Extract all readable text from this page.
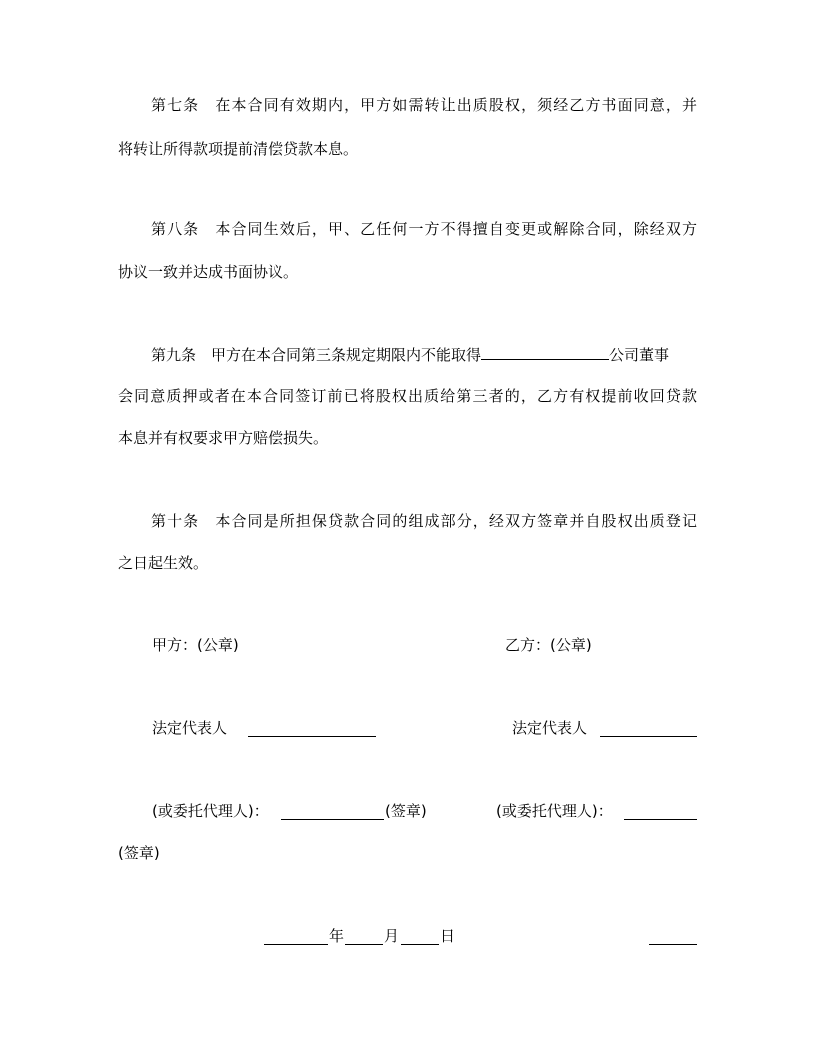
第七条　在本合同有效期内，甲方如需转让出质股权，须经乙方书面同意，并
将转让所得款项提前清偿贷款本息。
第八条　本合同生效后，甲、乙任何一方不得擅自变更或解除合同，除经双方
协议一致并达成书面协议。
第九条　甲方在本合同第三条规定期限内不能取得	公司董事
会同意质押或者在本合同签订前已将股权出质给第三者的，乙方有权提前收回贷款
本息并有权要求甲方赔偿损失。
第十条　本合同是所担保贷款合同的组成部分，经双方签章并自股权出质登记
之日起生效。
甲方：(公章)	乙方：(公章)
法定代表人	法定代表人
(或委托代理人)：	(签章)	(或委托代理人)：
(签章)
年	月	日
